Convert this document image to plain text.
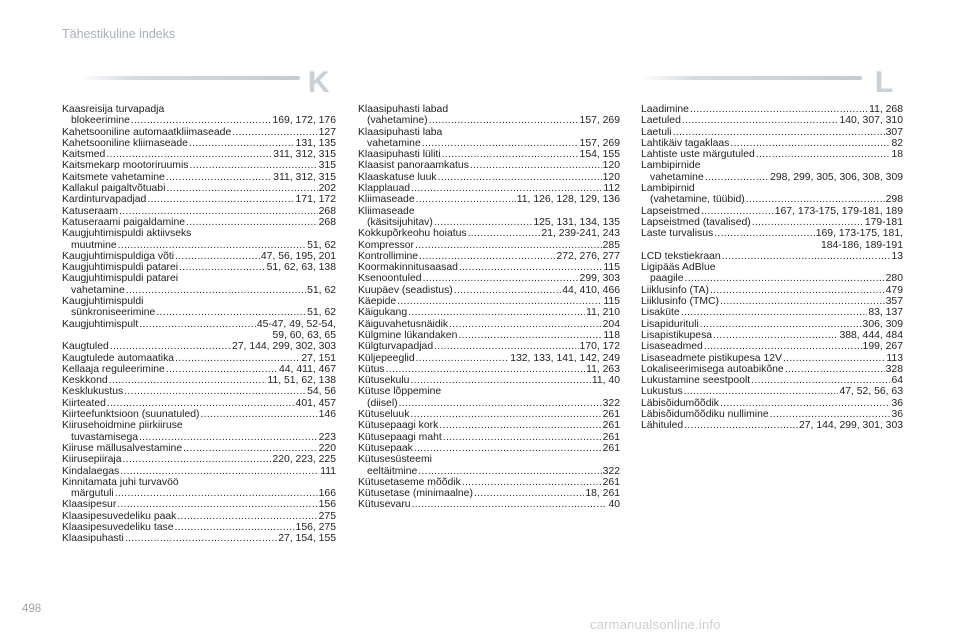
Tähestikuline indeks
K	L
Kaasreisija turvapadja
blokeerimine .....	169, 172, 176
Kahetsooniline automaatkliimaseade .....	127
Kahetsooniline kliimaseade .....	131, 135
Kaitsmed .....	311, 312, 315
Kaitsmekarp mootoriruumis .....	315
Kaitsmete vahetamine .....	311, 312, 315
Kallakul paigaltvõtuabi .....	202
Kardinturvapadjad .....	171, 172
Katuseraam .....	268
Katuseraami paigaldamine .....	268
Kaugjuhtimispuldi aktiivseks
muutmine .....	51, 62
Kaugjuhtimispuldiga võti .....	47, 56, 195, 201
Kaugjuhtimispuldi patarei .....	51, 62, 63, 138
Kaugjuhtimispuldi patarei
vahetamine .....	51, 62
Kaugjuhtimispuldi
sünkroniseerimine .....	51, 62
Kaugjuhtimispult .....	45-47, 49, 52-54,
59, 60, 63, 65
Kaugtuled .....	27, 144, 299, 302, 303
Kaugtulede automaatika .....	27, 151
Kellaaja reguleerimine .....	44, 411, 467
Keskkond .....	11, 51, 62, 138
Kesklukustus .....	54, 56
Kiirteated .....	401, 457
Kiirteefunktsioon (suunatuled) .....	146
Kiirusehoidmine piirkiiruse
tuvastamisega .....	223
Kiiruse mällusalvestamine .....	220
Kiirusepiiraja .....	220, 223, 225
Kindalaegas .....	111
Kinnitamata juhi turvavöö
märgutuli .....	166
Klaasipesur .....	156
Klaasipesuvedeliku paak .....	275
Klaasipesuvedeliku tase .....	156, 275
Klaasipuhasti .....	27, 154, 155
Klaasipuhasti labad
(vahetamine) .....	157, 269
Klaasipuhasti laba
vahetamine .....	157, 269
Klaasipuhasti lüliti .....	154, 155
Klaasist panoraamkatus .....	120
Klaaskatuse luuk .....	120
Klapplauad .....	112
Kliimaseade .....	11, 126, 128, 129, 136
Kliimaseade
(käsitsijuhitav) .....	125, 131, 134, 135
Kokkupõrkeohu hoiatus .....	21, 239-241, 243
Kompressor .....	285
Kontrollimine .....	272, 276, 277
Koormakinnitusaasad .....	115
Ksenoontuled .....	299, 303
Kuupäev (seadistus) .....	44, 410, 466
Käepide .....	115
Käigukang .....	11, 210
Käiguvahetusnäidik .....	204
Külgmine lükandaken .....	118
Külgturvapadjad .....	170, 172
Küljepeeglid .....	132, 133, 141, 142, 249
Kütus .....	11, 263
Kütusekulu .....	11, 40
Kütuse lõppemine
(diisel) .....	322
Kütuseluuk .....	261
Kütusepaagi kork .....	261
Kütusepaagi maht .....	261
Kütusepaak .....	261
Kütusesüsteemi
eeltäitmine .....	322
Kütusetaseme mõõdik .....	261
Kütusetase (minimaalne) .....	18, 261
Kütusevaru .....	40
Laadimine .....	11, 268
Laetuled .....	140, 307, 310
Laetuli .....	307
Lahtikäiv tagaklaas .....	82
Lahtiste uste märgutuled .....	18
Lambipirnide
vahetamine .....	298, 299, 305, 306, 308, 309
Lambipirnid
(vahetamine, tüübid) .....	298
Lapseistmed .....	167, 173-175, 179-181, 189
Lapseistmed (tavalised) .....	179-181
Laste turvalisus .....	169, 173-175, 181,
184-186, 189-191
LCD tekstiekraan .....	13
Ligipääs AdBlue
paagile .....	280
Liiklusinfo (TA) .....	479
Liiklusinfo (TMC) .....	357
Lisaküte .....	83, 137
Lisapidurituli .....	306, 309
Lisapistikupesa .....	388, 444, 484
Lisaseadmed .....	199, 267
Lisaseadmete pistikupesa 12V .....	113
Lokaliseerimisega autoabikõne .....	328
Lukustamine seestpoolt .....	64
Lukustus .....	47, 52, 56, 63
Läbisõidumõõdik .....	36
Läbisõidumõõdiku nullimine .....	36
Lähituled .....	27, 144, 299, 301, 303
498
carmanualsonline.info
